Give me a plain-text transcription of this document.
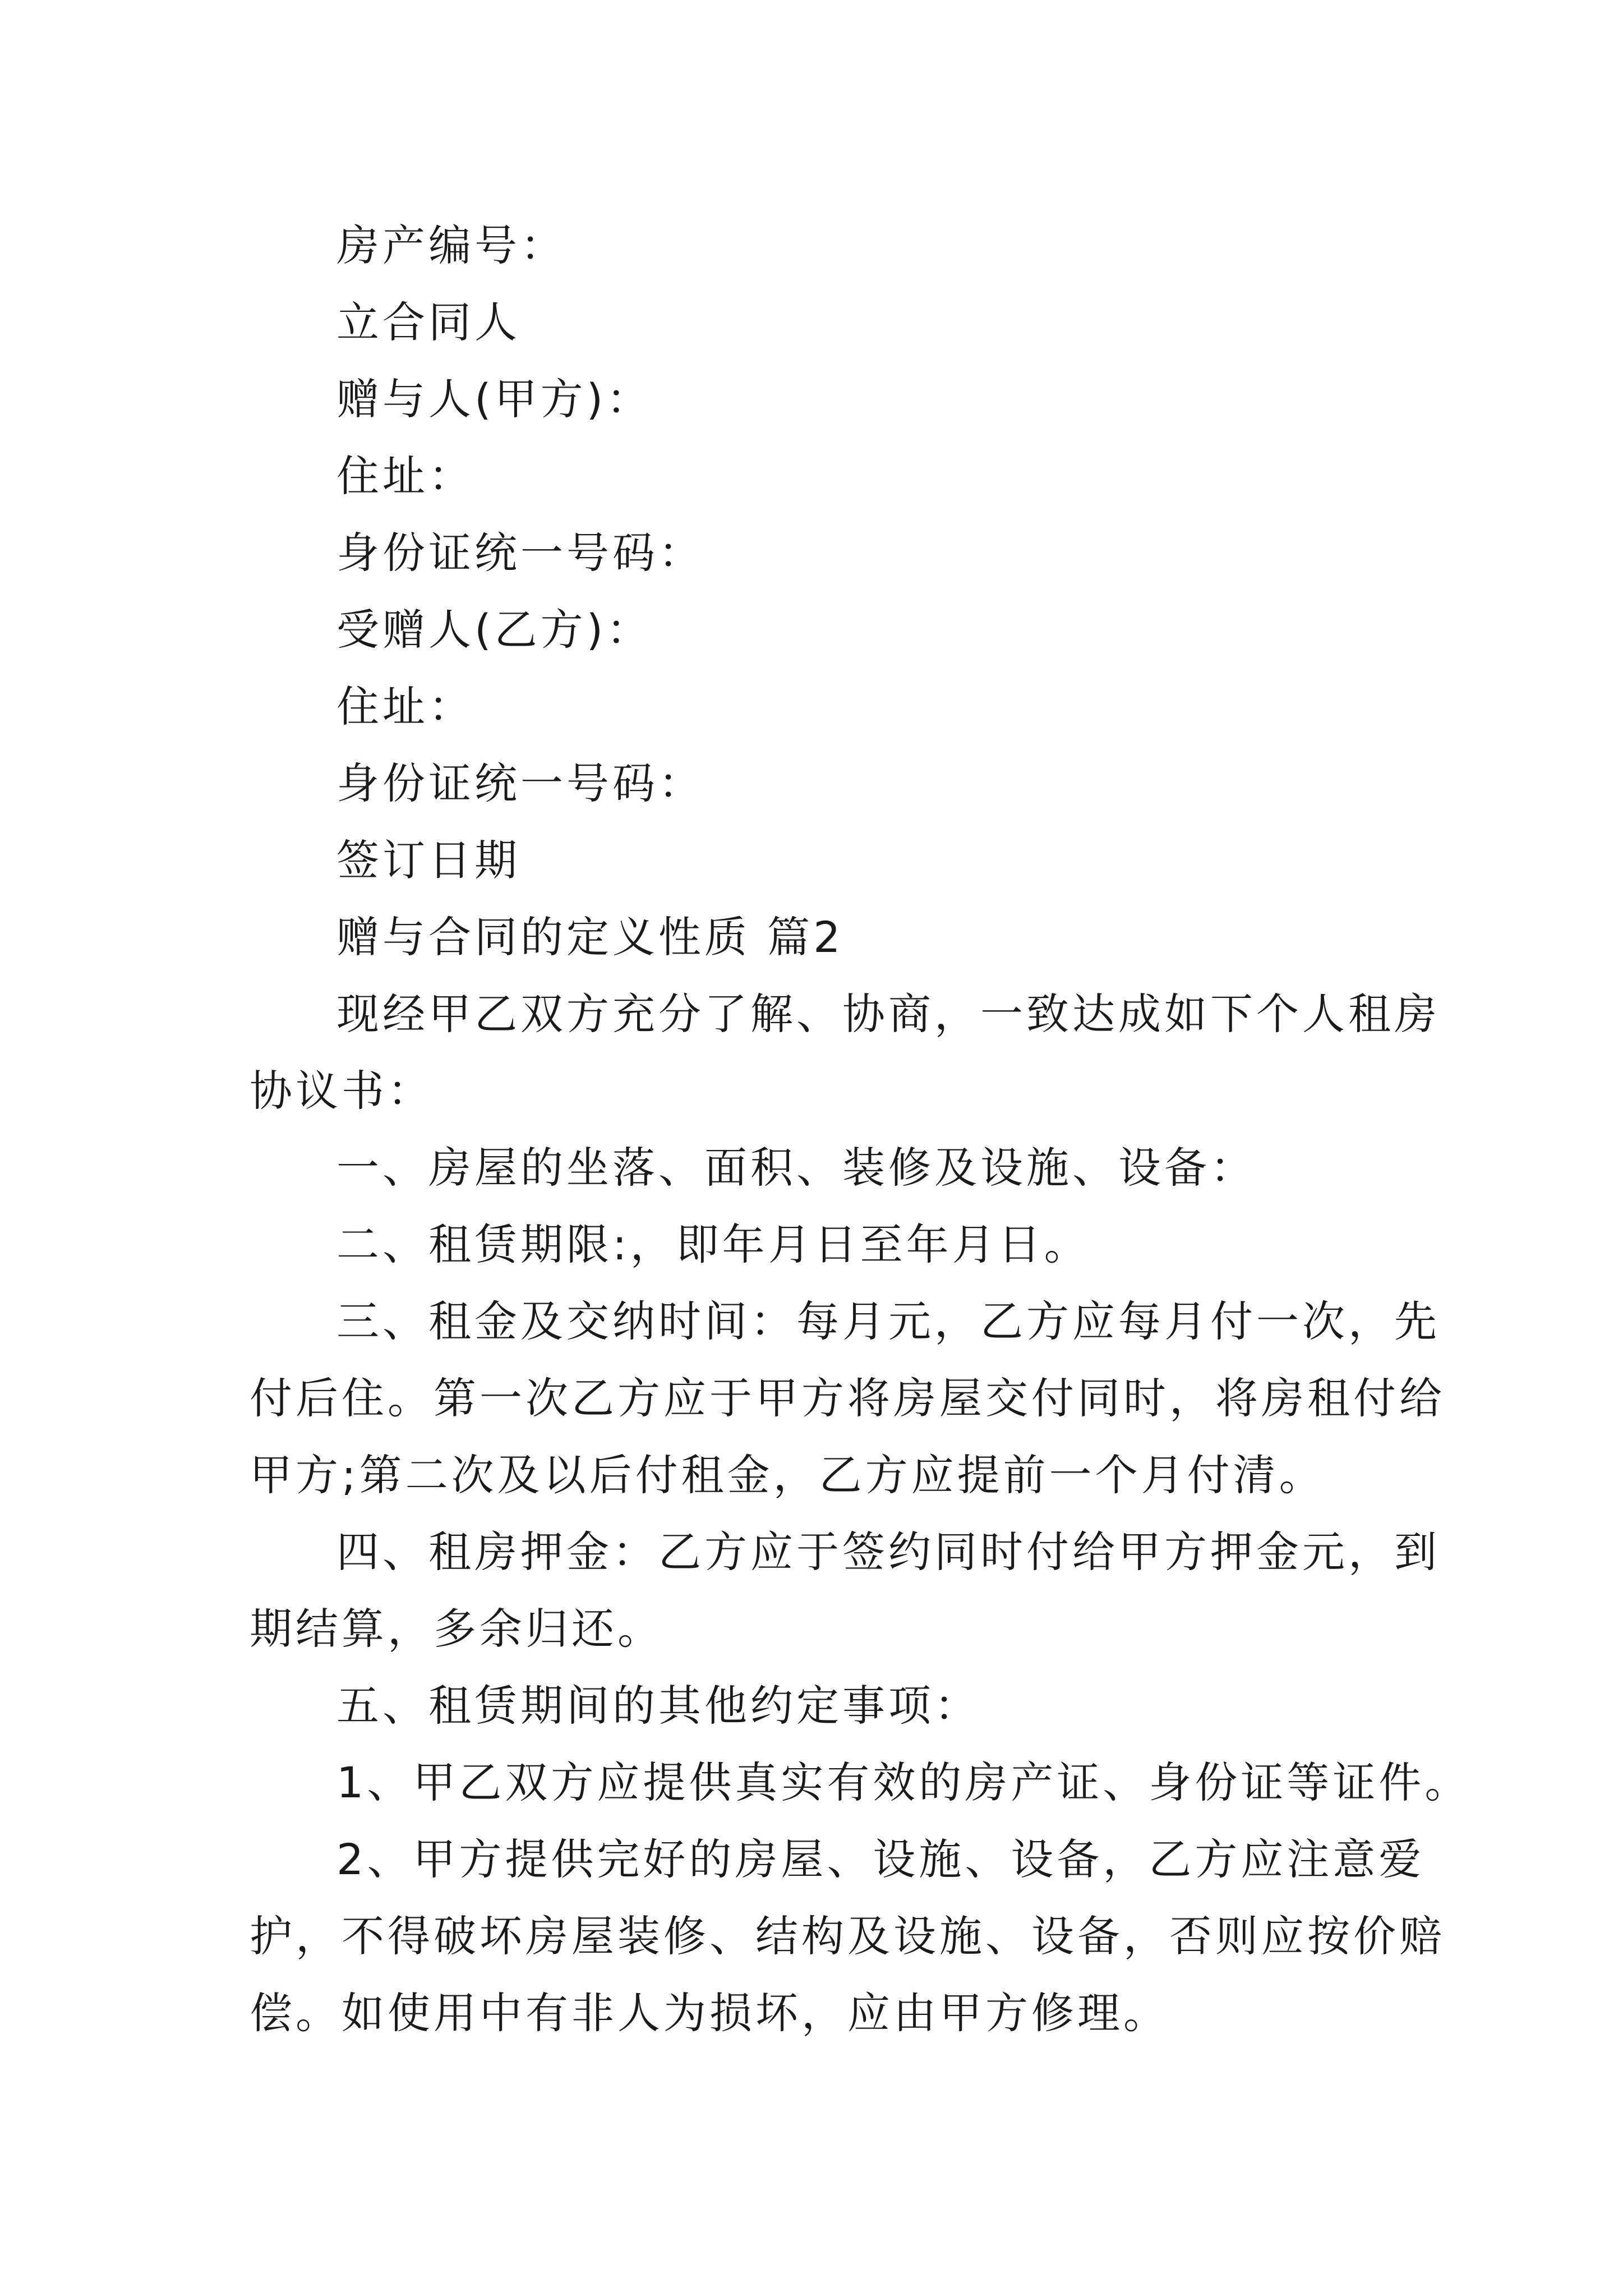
房产编号：
立合同人
赠与人(甲方)：
住址：
身份证统一号码：
受赠人(乙方)：
住址：
身份证统一号码：
签订日期
赠与合同的定义性质 篇2
现经甲乙双方充分了解、协商，一致达成如下个人租房
协议书：
一、房屋的坐落、面积、装修及设施、设备：
二、租赁期限:，即年月日至年月日。
三、租金及交纳时间：每月元，乙方应每月付一次，先
付后住。第一次乙方应于甲方将房屋交付同时，将房租付给
甲方;第二次及以后付租金，乙方应提前一个月付清。
四、租房押金：乙方应于签约同时付给甲方押金元，到
期结算，多余归还。
五、租赁期间的其他约定事项：
1、甲乙双方应提供真实有效的房产证、身份证等证件。
2、甲方提供完好的房屋、设施、设备，乙方应注意爱
护，不得破坏房屋装修、结构及设施、设备，否则应按价赔
偿。如使用中有非人为损坏，应由甲方修理。
